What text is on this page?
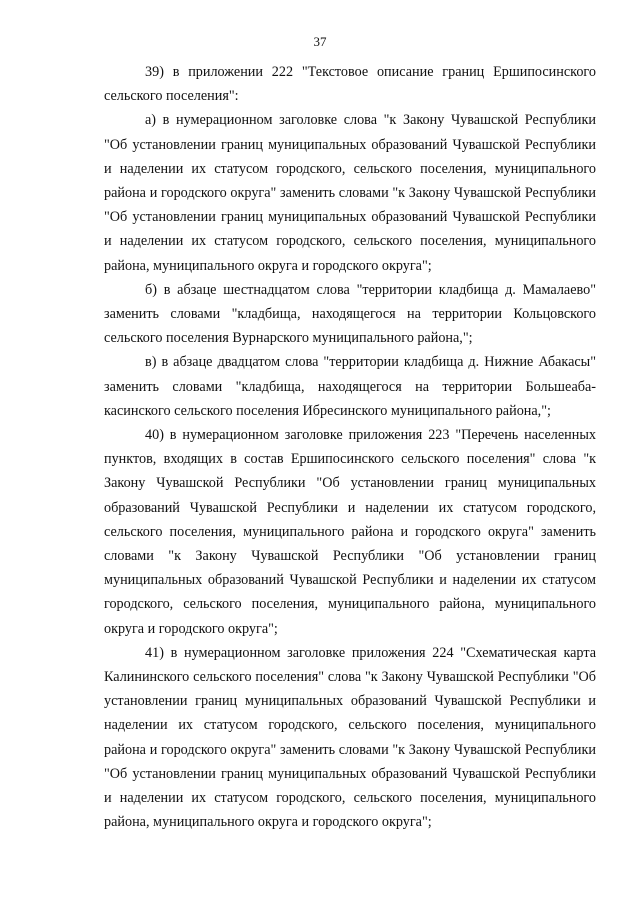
37

39) в приложении 222 "Текстовое описание границ Ершипосинского сельского поселения":

а) в нумерационном заголовке слова "к Закону Чувашской Республики "Об установлении границ муниципальных образований Чувашской Республики и наделении их статусом городского, сельского поселения, муниципального района и городского округа" заменить словами "к Закону Чувашской Республики "Об установлении границ муниципальных образований Чувашской Республики и наделении их статусом городского, сельского поселения, муниципального района, муниципального округа и городского округа";

б) в абзаце шестнадцатом слова "территории кладбища д. Мамалаево" заменить словами "кладбища, находящегося на территории Кольцовского сельского поселения Вурнарского муниципального района,";

в) в абзаце двадцатом слова "территории кладбища д. Нижние Абакасы" заменить словами "кладбища, находящегося на территории Большеабакасинского сельского поселения Ибресинского муниципального района,";

40) в нумерационном заголовке приложения 223 "Перечень населенных пунктов, входящих в состав Ершипосинского сельского поселения" слова "к Закону Чувашской Республики "Об установлении границ муниципальных образований Чувашской Республики и наделении их статусом городского, сельского поселения, муниципального района и городского округа" заменить словами "к Закону Чувашской Республики "Об установлении границ муниципальных образований Чувашской Республики и наделении их статусом городского, сельского поселения, муниципального района, муниципального округа и городского округа";

41) в нумерационном заголовке приложения 224 "Схематическая карта Калининского сельского поселения" слова "к Закону Чувашской Республики "Об установлении границ муниципальных образований Чувашской Республики и наделении их статусом городского, сельского поселения, муниципального района и городского округа" заменить словами "к Закону Чувашской Республики "Об установлении границ муниципальных образований Чувашской Республики и наделении их статусом городского, сельского поселения, муниципального района, муниципального округа и городского округа";
